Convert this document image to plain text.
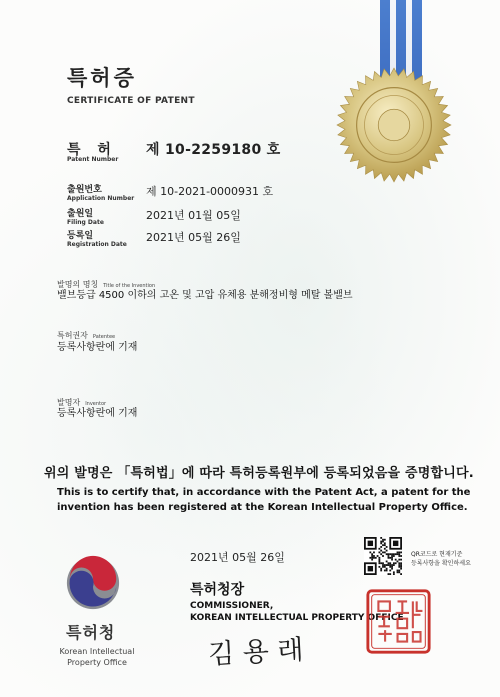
특허증
CERTIFICATE OF PATENT
특 허
Patent Number
제 10-2259180 호
출원번호
Application Number
제 10-2021-0000931 호
출원일
Filing Date
2021년 01월 05일
등록일
Registration Date
2021년 05월 26일
발명의 명칭 Title of the Invention
밸브등급 4500 이하의 고온 및 고압 유체용 분해정비형 메탈 볼밸브
특허권자 Patentee
등록사항란에 기재
발명자 Inventor
등록사항란에 기재
위의 발명은 「특허법」에 따라 특허등록원부에 등록되었음을 증명합니다.
This is to certify that, in accordance with the Patent Act, a patent for the
invention has been registered at the Korean Intellectual Property Office.
2021년 05월 26일
특허청장
COMMISSIONER,
KOREAN INTELLECTUAL PROPERTY OFFICE
김 용 래
QR코드로 현재기준
등록사항을 확인하세요
특허청
Korean Intellectual
Property Office
